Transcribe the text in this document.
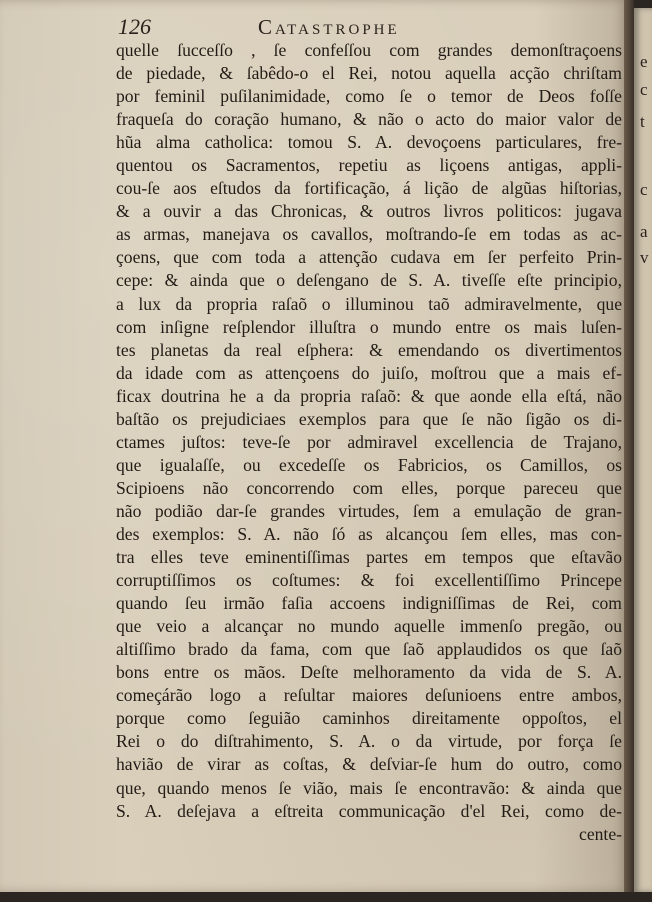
126	Catastrophe
quelle ſucceſſo , ſe confeſſou com grandes demonſtraçoens
de piedade, & ſabêdo-o el Rei, notou aquella acção chriſtam
por feminil puſilanimidade, como ſe o temor de Deos foſſe
fraqueſa do coração humano, & não o acto do maior valor de
hũa alma catholica: tomou S. A. devoçoens particulares, fre-
quentou os Sacramentos, repetiu as liçoens antigas, appli-
cou-ſe aos eſtudos da fortificação, á lição de algũas hiſtorias,
& a ouvir a das Chronicas, & outros livros politicos: jugava
as armas, manejava os cavallos, moſtrando-ſe em todas as ac-
çoens, que com toda a attenção cudava em ſer perfeito Prin-
cepe: & ainda que o deſengano de S. A. tiveſſe eſte principio,
a lux da propria raſaõ o illuminou taõ admiravelmente, que
com inſigne reſplendor illuſtra o mundo entre os mais luſen-
tes planetas da real eſphera: & emendando os divertimentos
da idade com as attençoens do juiſo, moſtrou que a mais ef-
ficax doutrina he a da propria raſaõ: & que aonde ella eſtá, não
baſtão os prejudiciaes exemplos para que ſe não ſigão os di-
ctames juſtos: teve-ſe por admiravel excellencia de Trajano,
que igualaſſe, ou excedeſſe os Fabricios, os Camillos, os
Scipioens não concorrendo com elles, porque pareceu que
não podião dar-ſe grandes virtudes, ſem a emulação de gran-
des exemplos: S. A. não ſó as alcançou ſem elles, mas con-
tra elles teve eminentiſſimas partes em tempos que eſtavão
corruptiſſimos os coſtumes: & foi excellentiſſimo Princepe
quando ſeu irmão faſia accoens indigniſſimas de Rei, com
que veio a alcançar no mundo aquelle immenſo pregão, ou
altiſſimo brado da fama, com que ſaõ applaudidos os que ſaõ
bons entre os mãos. Deſte melhoramento da vida de S. A.
começárão logo a reſultar maiores deſunioens entre ambos,
porque como ſeguião caminhos direitamente oppoſtos, el
Rei o do diſtrahimento, S. A. o da virtude, por força ſe
havião de virar as coſtas, & deſviar-ſe hum do outro, como
que, quando menos ſe vião, mais ſe encontravão: & ainda que
S. A. deſejava a eſtreita communicação d'el Rei, como de-
cente-
e
c
t
c
a
v
